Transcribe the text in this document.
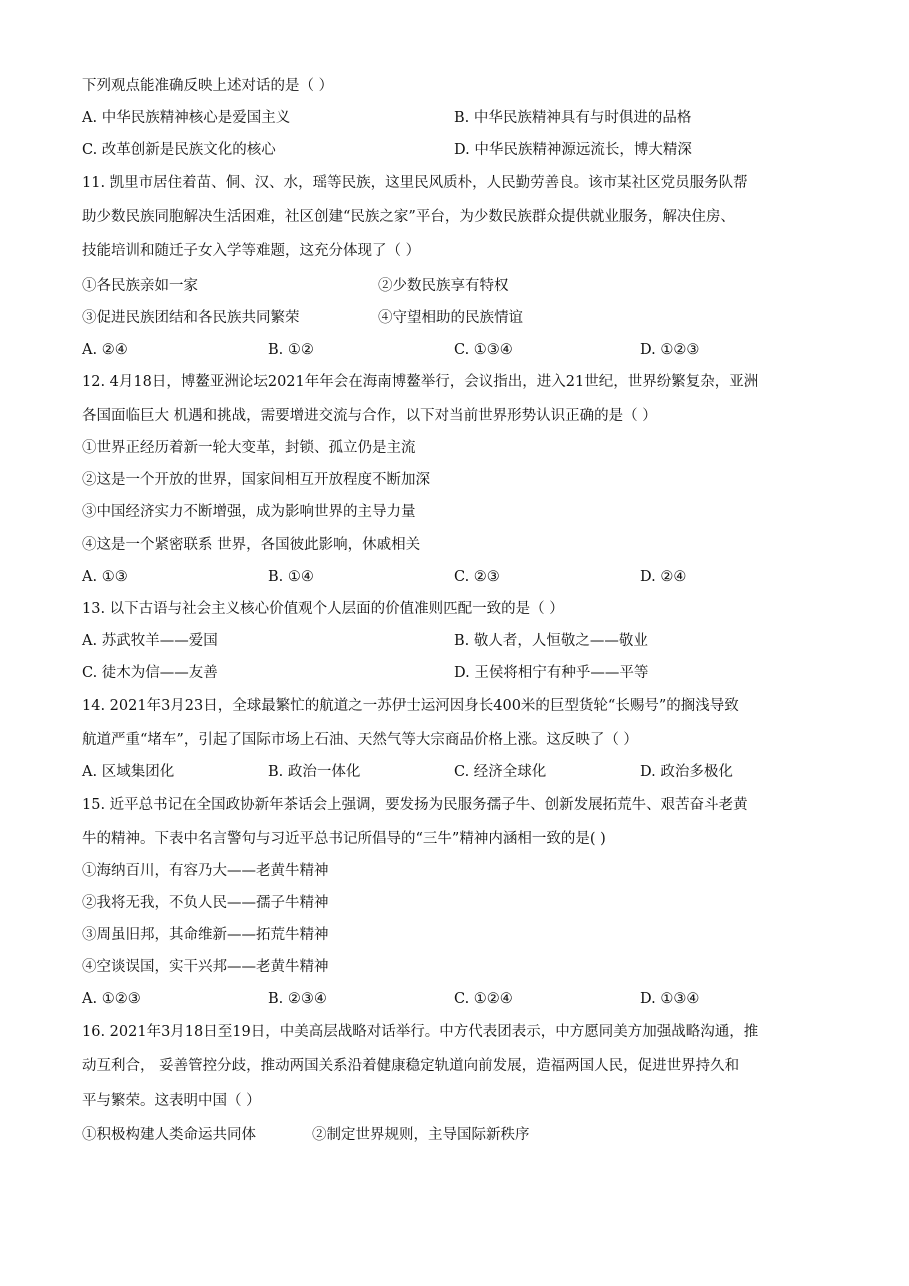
下列观点能准确反映上述对话的是（ ）
A. 中华民族精神核心是爱国主义	B. 中华民族精神具有与时俱进的品格
C. 改革创新是民族文化的核心	D. 中华民族精神源远流长，博大精深
11. 凯里市居住着苗、侗、汉、水，瑶等民族，这里民风质朴，人民勤劳善良。该市某社区党员服务队帮
助少数民族同胞解决生活困难，社区创建“民族之家”平台，为少数民族群众提供就业服务，解决住房、
技能培训和随迁子女入学等难题，这充分体现了（ ）
①各民族亲如一家	②少数民族享有特权
③促进民族团结和各民族共同繁荣	④守望相助的民族情谊
A. ②④	B. ①②	C. ①③④	D. ①②③
12. 4月18日，博鳌亚洲论坛2021年年会在海南博鳌举行，会议指出，进入21世纪，世界纷繁复杂，亚洲
各国面临巨大 机遇和挑战，需要增进交流与合作，以下对当前世界形势认识正确的是（ ）
①世界正经历着新一轮大变革，封锁、孤立仍是主流
②这是一个开放的世界，国家间相互开放程度不断加深
③中国经济实力不断增强，成为影响世界的主导力量
④这是一个紧密联系 世界，各国彼此影响，休戚相关
A. ①③	B. ①④	C. ②③	D. ②④
13. 以下古语与社会主义核心价值观个人层面的价值准则匹配一致的是（ ）
A. 苏武牧羊——爱国	B. 敬人者，人恒敬之——敬业
C. 徒木为信——友善	D. 王侯将相宁有种乎——平等
14. 2021年3月23日，全球最繁忙的航道之一苏伊士运河因身长400米的巨型货轮“长赐号”的搁浅导致
航道严重“堵车”，引起了国际市场上石油、天然气等大宗商品价格上涨。这反映了（ ）
A. 区域集团化	B. 政治一体化	C. 经济全球化	D. 政治多极化
15. 近平总书记在全国政协新年茶话会上强调，要发扬为民服务孺子牛、创新发展拓荒牛、艰苦奋斗老黄
牛的精神。下表中名言警句与习近平总书记所倡导的“三牛”精神内涵相一致的是( )
①海纳百川，有容乃大——老黄牛精神
②我将无我，不负人民——孺子牛精神
③周虽旧邦，其命维新——拓荒牛精神
④空谈误国，实干兴邦——老黄牛精神
A. ①②③	B. ②③④	C. ①②④	D. ①③④
16. 2021年3月18日至19日，中美高层战略对话举行。中方代表团表示，中方愿同美方加强战略沟通，推
动互利合， 妥善管控分歧，推动两国关系沿着健康稳定轨道向前发展，造福两国人民，促进世界持久和
平与繁荣。这表明中国（ ）
①积极构建人类命运共同体	②制定世界规则，主导国际新秩序
